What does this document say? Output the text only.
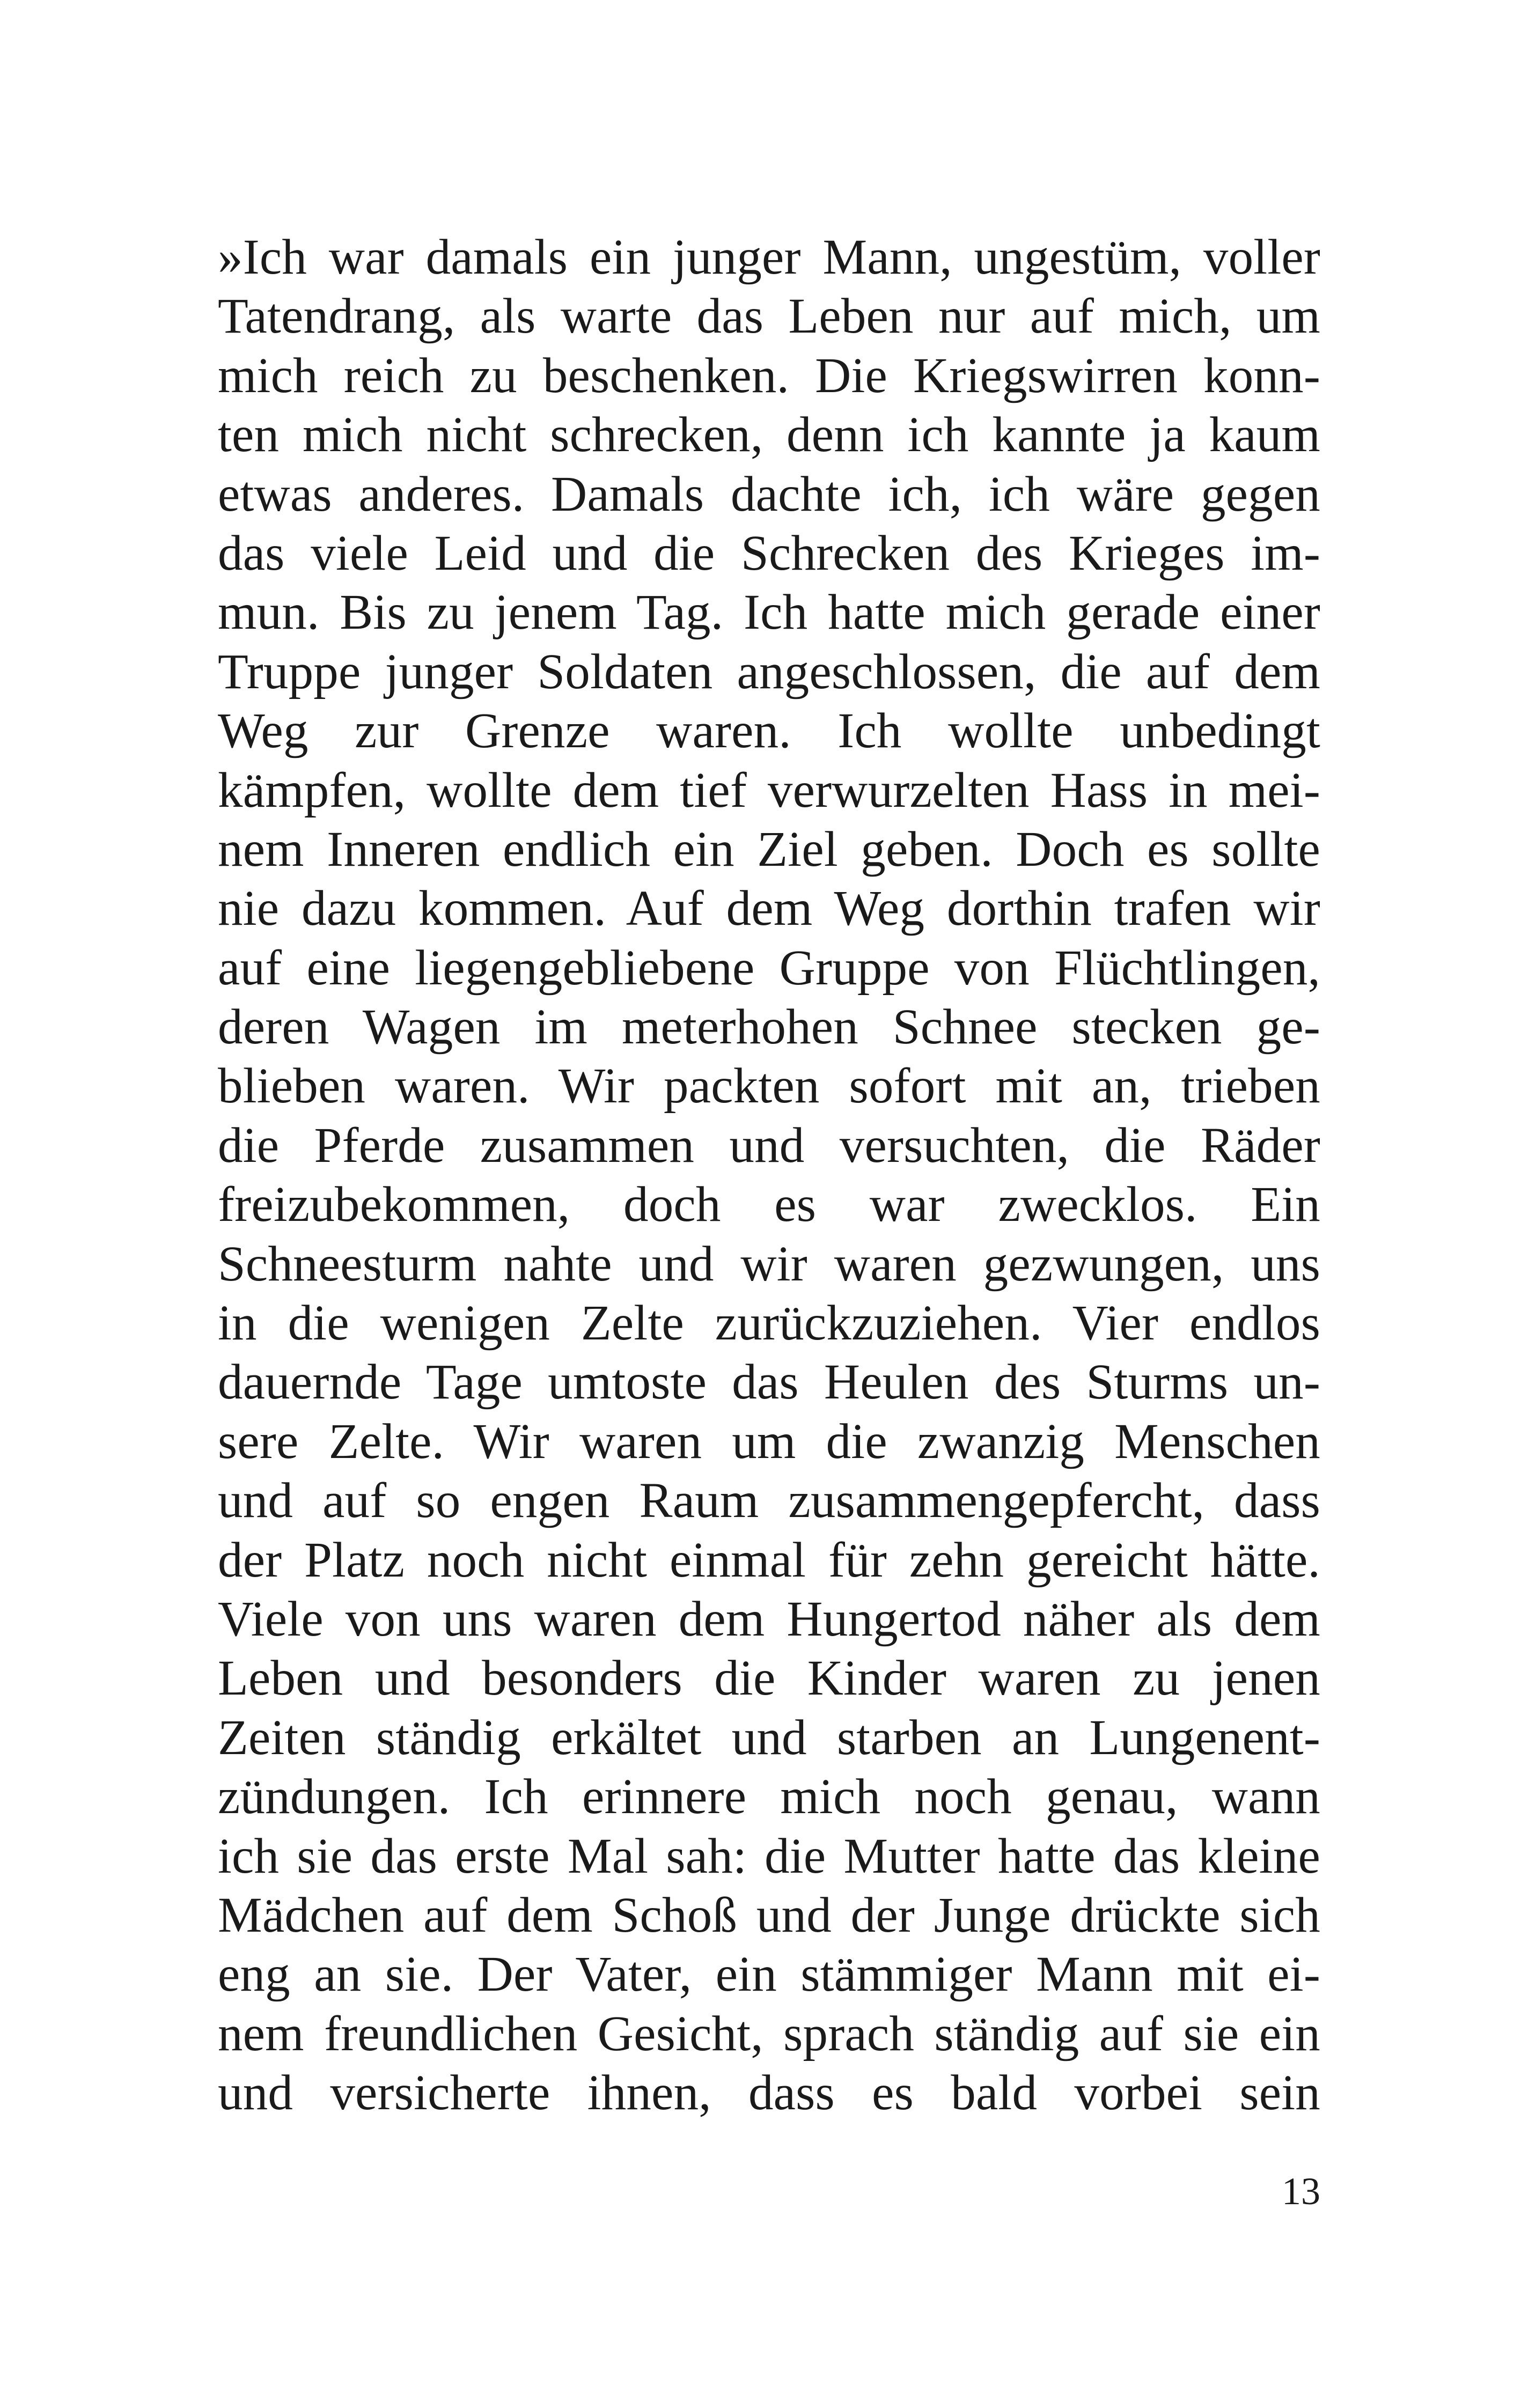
»Ich war damals ein junger Mann, ungestüm, voller
Tatendrang, als warte das Leben nur auf mich, um
mich reich zu beschenken. Die Kriegswirren konn-
ten mich nicht schrecken, denn ich kannte ja kaum
etwas anderes. Damals dachte ich, ich wäre gegen
das viele Leid und die Schrecken des Krieges im-
mun. Bis zu jenem Tag. Ich hatte mich gerade einer
Truppe junger Soldaten angeschlossen, die auf dem
Weg zur Grenze waren. Ich wollte unbedingt
kämpfen, wollte dem tief verwurzelten Hass in mei-
nem Inneren endlich ein Ziel geben. Doch es sollte
nie dazu kommen. Auf dem Weg dorthin trafen wir
auf eine liegengebliebene Gruppe von Flüchtlingen,
deren Wagen im meterhohen Schnee stecken ge-
blieben waren. Wir packten sofort mit an, trieben
die Pferde zusammen und versuchten, die Räder
freizubekommen, doch es war zwecklos. Ein
Schneesturm nahte und wir waren gezwungen, uns
in die wenigen Zelte zurückzuziehen. Vier endlos
dauernde Tage umtoste das Heulen des Sturms un-
sere Zelte. Wir waren um die zwanzig Menschen
und auf so engen Raum zusammengepfercht, dass
der Platz noch nicht einmal für zehn gereicht hätte.
Viele von uns waren dem Hungertod näher als dem
Leben und besonders die Kinder waren zu jenen
Zeiten ständig erkältet und starben an Lungenent-
zündungen. Ich erinnere mich noch genau, wann
ich sie das erste Mal sah: die Mutter hatte das kleine
Mädchen auf dem Schoß und der Junge drückte sich
eng an sie. Der Vater, ein stämmiger Mann mit ei-
nem freundlichen Gesicht, sprach ständig auf sie ein
und versicherte ihnen, dass es bald vorbei sein
13
